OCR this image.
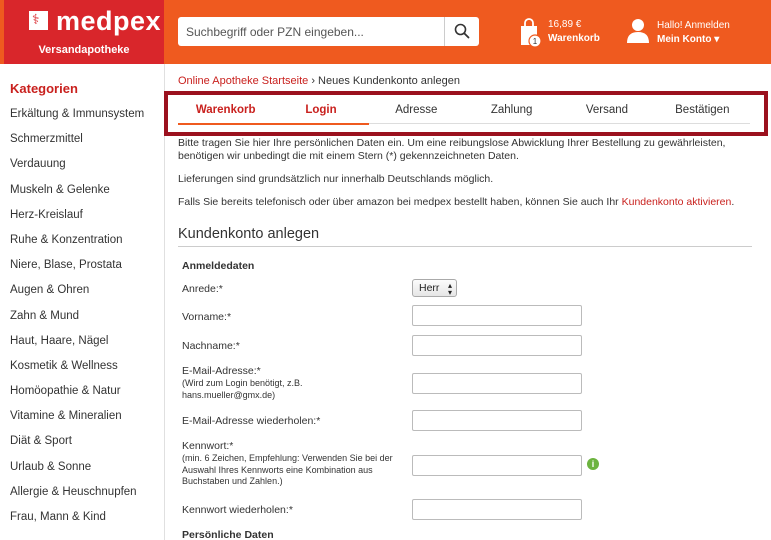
⚕ medpex
Versandapotheke
Suchbegriff oder PZN eingeben...
1
16,89 €
Warenkorb
Hallo! Anmelden
Mein Konto ▾
Kategorien
Erkältung & Immunsystem
Schmerzmittel
Verdauung
Muskeln & Gelenke
Herz-Kreislauf
Ruhe & Konzentration
Niere, Blase, Prostata
Augen & Ohren
Zahn & Mund
Haut, Haare, Nägel
Kosmetik & Wellness
Homöopathie & Natur
Vitamine & Mineralien
Diät & Sport
Urlaub & Sonne
Allergie & Heuschnupfen
Frau, Mann & Kind
Online Apotheke Startseite › Neues Kundenkonto anlegen
Warenkorb	Login	Adresse	Zahlung	Versand	Bestätigen
Bitte tragen Sie hier Ihre persönlichen Daten ein. Um eine reibungslose Abwicklung Ihrer Bestellung zu gewährleisten, benötigen wir unbedingt die mit einem Stern (*) gekennzeichneten Daten.
Lieferungen sind grundsätzlich nur innerhalb Deutschlands möglich.
Falls Sie bereits telefonisch oder über amazon bei medpex bestellt haben, können Sie auch Ihr Kundenkonto aktivieren.
Kundenkonto anlegen
Anmeldedaten
Anrede:*	Herr ▴
▾
Vorname:*
Nachname:*
E-Mail-Adresse:*
(Wird zum Login benötigt, z.B. hans.mueller@gmx.de)
E-Mail-Adresse wiederholen:*
Kennwort:*
(min. 6 Zeichen, Empfehlung: Verwenden Sie bei der Auswahl Ihres Kennworts eine Kombination aus Buchstaben und Zahlen.)
i
Kennwort wiederholen:*
Persönliche Daten
